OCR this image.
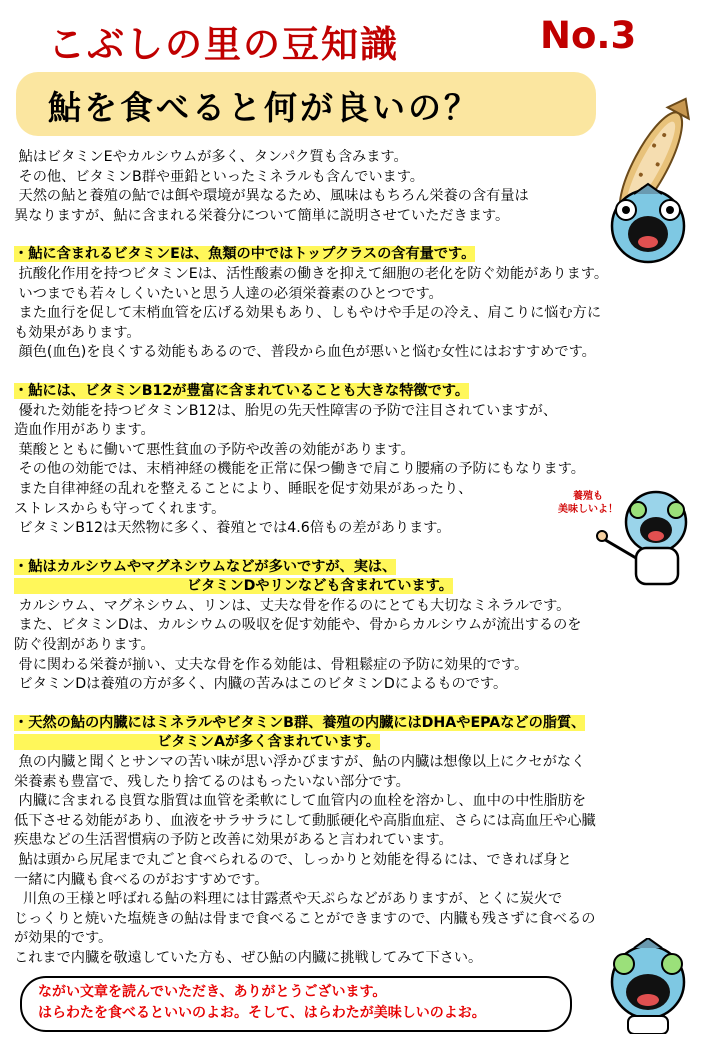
こぶしの里の豆知識	No.3
鮎を食べると何が良いの？
養殖も
美味しいよ！

鮎はビタミンEやカルシウムが多く、タンパク質も含みます。

その他、ビタミンB群や亜鉛といったミネラルも含んでいます。

天然の鮎と養殖の鮎では餌や環境が異なるため、風味はもちろん栄養の含有量は

異なりますが、鮎に含まれる栄養分について簡単に説明させていただきます。

・鮎に含まれるビタミンEは、魚類の中ではトップクラスの含有量です。

抗酸化作用を持つビタミンEは、活性酸素の働きを抑えて細胞の老化を防ぐ効能があります。

いつまでも若々しくいたいと思う人達の必須栄養素のひとつです。

また血行を促して末梢血管を広げる効果もあり、しもやけや手足の冷え、肩こりに悩む方に

も効果があります。

顔色(血色)を良くする効能もあるので、普段から血色が悪いと悩む女性にはおすすめです。

・鮎には、ビタミンB12が豊富に含まれていることも大きな特徴です。

優れた効能を持つビタミンB12は、胎児の先天性障害の予防で注目されていますが、

造血作用があります。

葉酸とともに働いて悪性貧血の予防や改善の効能があります。

その他の効能では、末梢神経の機能を正常に保つ働きで肩こり腰痛の予防にもなります。

また自律神経の乱れを整えることにより、睡眠を促す効果があったり、

ストレスからも守ってくれます。

ビタミンB12は天然物に多く、養殖とでは4.6倍もの差があります。

・鮎はカルシウムやマグネシウムなどが多いですが、実は、

ビタミンDやリンなども含まれています。

カルシウム、マグネシウム、リンは、丈夫な骨を作るのにとても大切なミネラルです。

また、ビタミンDは、カルシウムの吸収を促す効能や、骨からカルシウムが流出するのを

防ぐ役割があります。

骨に関わる栄養が揃い、丈夫な骨を作る効能は、骨粗鬆症の予防に効果的です。

ビタミンDは養殖の方が多く、内臓の苦みはこのビタミンDによるものです。

・天然の鮎の内臓にはミネラルやビタミンB群、養殖の内臓にはDHAやEPAなどの脂質、

ビタミンAが多く含まれています。

魚の内臓と聞くとサンマの苦い味が思い浮かびますが、鮎の内臓は想像以上にクセがなく

栄養素も豊富で、残したり捨てるのはもったいない部分です。

内臓に含まれる良質な脂質は血管を柔軟にして血管内の血栓を溶かし、血中の中性脂肪を

低下させる効能があり、血液をサラサラにして動脈硬化や高脂血症、さらには高血圧や心臓

疾患などの生活習慣病の予防と改善に効果があると言われています。

鮎は頭から尻尾まで丸ごと食べられるので、しっかりと効能を得るには、できれば身と

一緒に内臓も食べるのがおすすめです。

川魚の王様と呼ばれる鮎の料理には甘露煮や天ぷらなどがありますが、とくに炭火で

じっくりと焼いた塩焼きの鮎は骨まで食べることができますので、内臓も残さずに食べるの

が効果的です。

これまで内臓を敬遠していた方も、ぜひ鮎の内臓に挑戦してみて下さい。

ながい文章を読んでいただき、ありがとうございます。
はらわたを食べるといいのよお。そして、はらわたが美味しいのよお。
